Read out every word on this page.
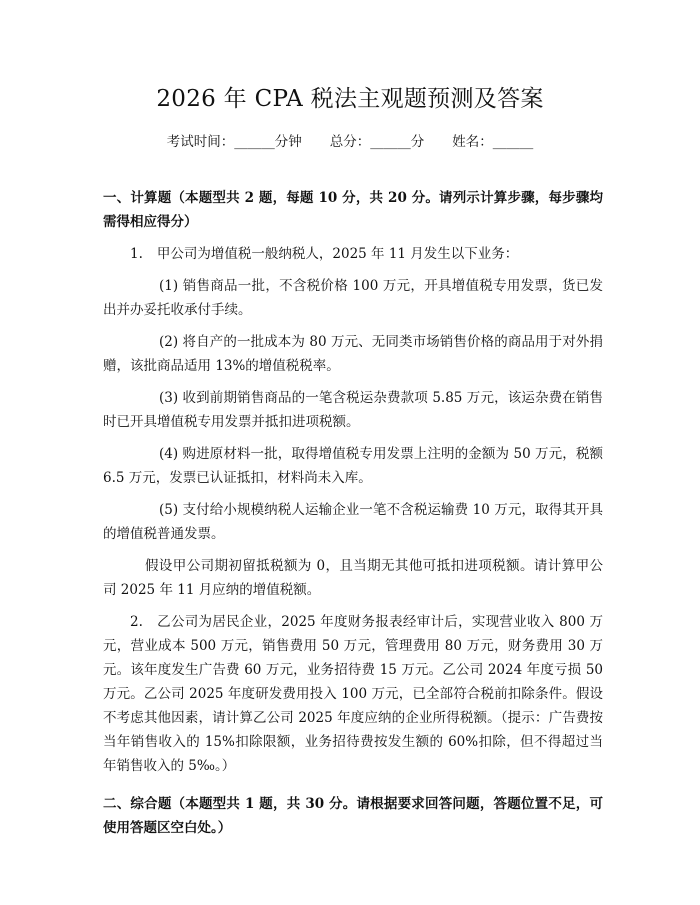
2026 年 CPA 税法主观题预测及答案
考试时间：______分钟 总分：______分 姓名：______
一、计算题（本题型共 2 题，每题 10 分，共 20 分。请列示计算步骤，每步骤均需得相应得分）
1. 甲公司为增值税一般纳税人，2025 年 11 月发生以下业务：
(1) 销售商品一批，不含税价格 100 万元，开具增值税专用发票，货已发出并办妥托收承付手续。
(2) 将自产的一批成本为 80 万元、无同类市场销售价格的商品用于对外捐赠，该批商品适用 13%的增值税税率。
(3) 收到前期销售商品的一笔含税运杂费款项 5.85 万元，该运杂费在销售时已开具增值税专用发票并抵扣进项税额。
(4) 购进原材料一批，取得增值税专用发票上注明的金额为 50 万元，税额 6.5 万元，发票已认证抵扣，材料尚未入库。
(5) 支付给小规模纳税人运输企业一笔不含税运输费 10 万元，取得其开具的增值税普通发票。
假设甲公司期初留抵税额为 0，且当期无其他可抵扣进项税额。请计算甲公司 2025 年 11 月应纳的增值税额。
2. 乙公司为居民企业，2025 年度财务报表经审计后，实现营业收入 800 万元，营业成本 500 万元，销售费用 50 万元，管理费用 80 万元，财务费用 30 万元。该年度发生广告费 60 万元，业务招待费 15 万元。乙公司 2024 年度亏损 50 万元。乙公司 2025 年度研发费用投入 100 万元，已全部符合税前扣除条件。假设不考虑其他因素，请计算乙公司 2025 年度应纳的企业所得税额。（提示：广告费按当年销售收入的 15%扣除限额，业务招待费按发生额的 60%扣除，但不得超过当年销售收入的 5‰。）
二、综合题（本题型共 1 题，共 30 分。请根据要求回答问题，答题位置不足，可使用答题区空白处。）
